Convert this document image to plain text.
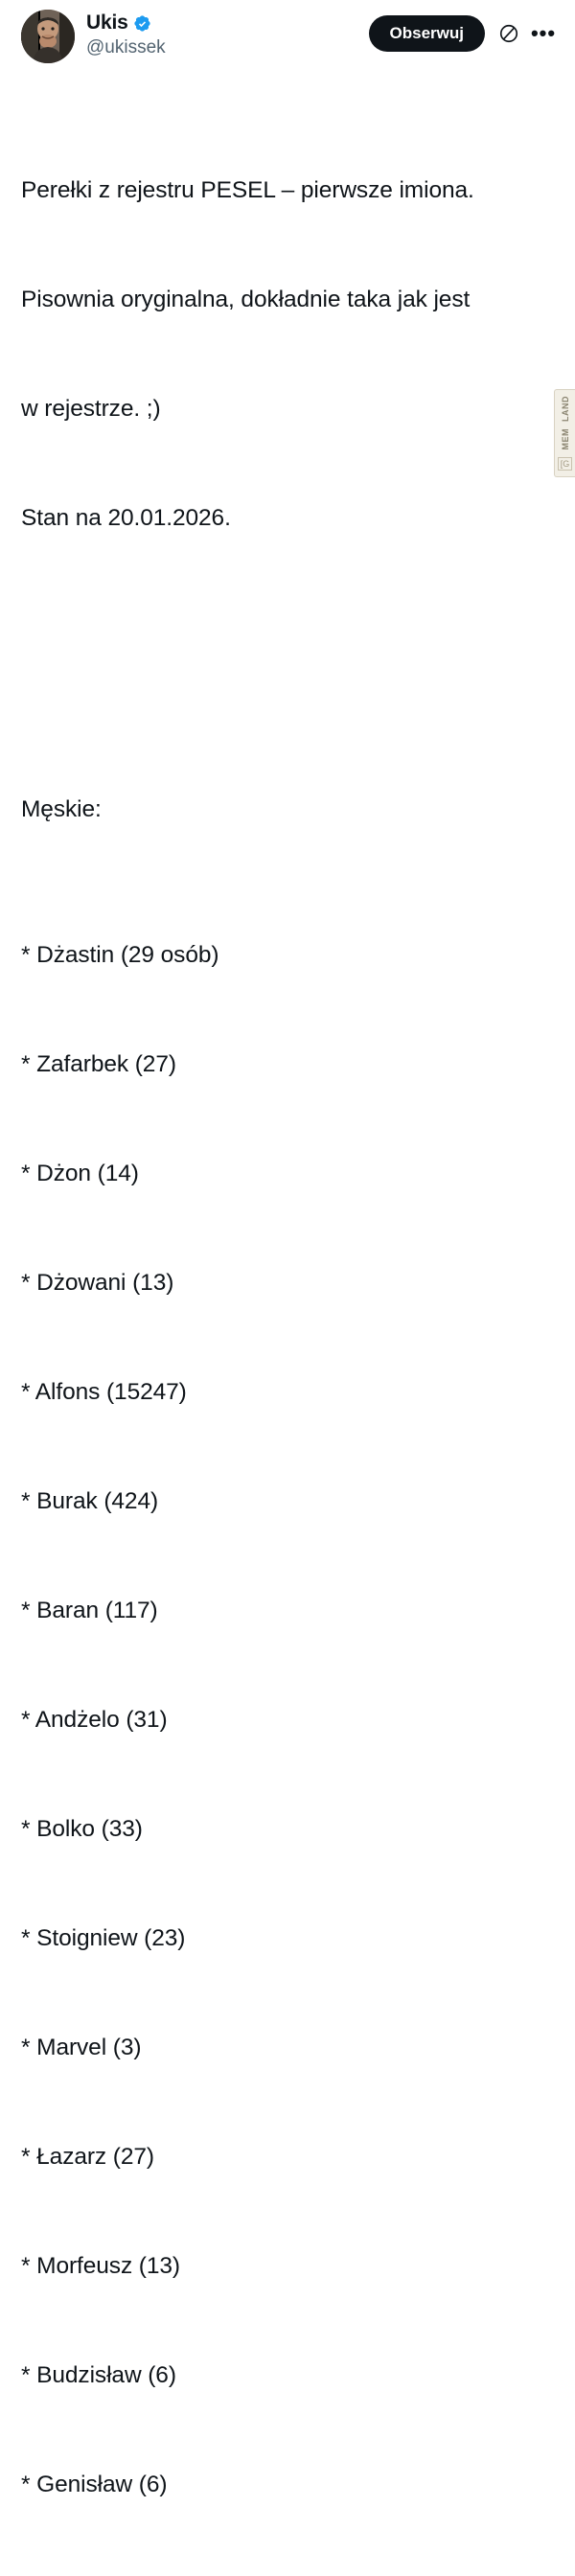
Ukis
@ukissek
Obserwuj	•••

Perełki z rejestru PESEL – pierwsze imiona.

Pisownia oryginalna, dokładnie taka jak jest

w rejestrze. ;)

Stan na 20.01.2026.

Męskie:

* Dżastin (29 osób)

* Zafarbek (27)

* Dżon (14)

* Dżowani (13)

* Alfons (15247)

* Burak (424)

* Baran (117)

* Andżelo (31)

* Bolko (33)

* Stoigniew (23)

* Marvel (3)

* Łazarz (27)

* Morfeusz (13)

* Budzisław (6)

* Genisław (6)

LAND
MEM
[G
